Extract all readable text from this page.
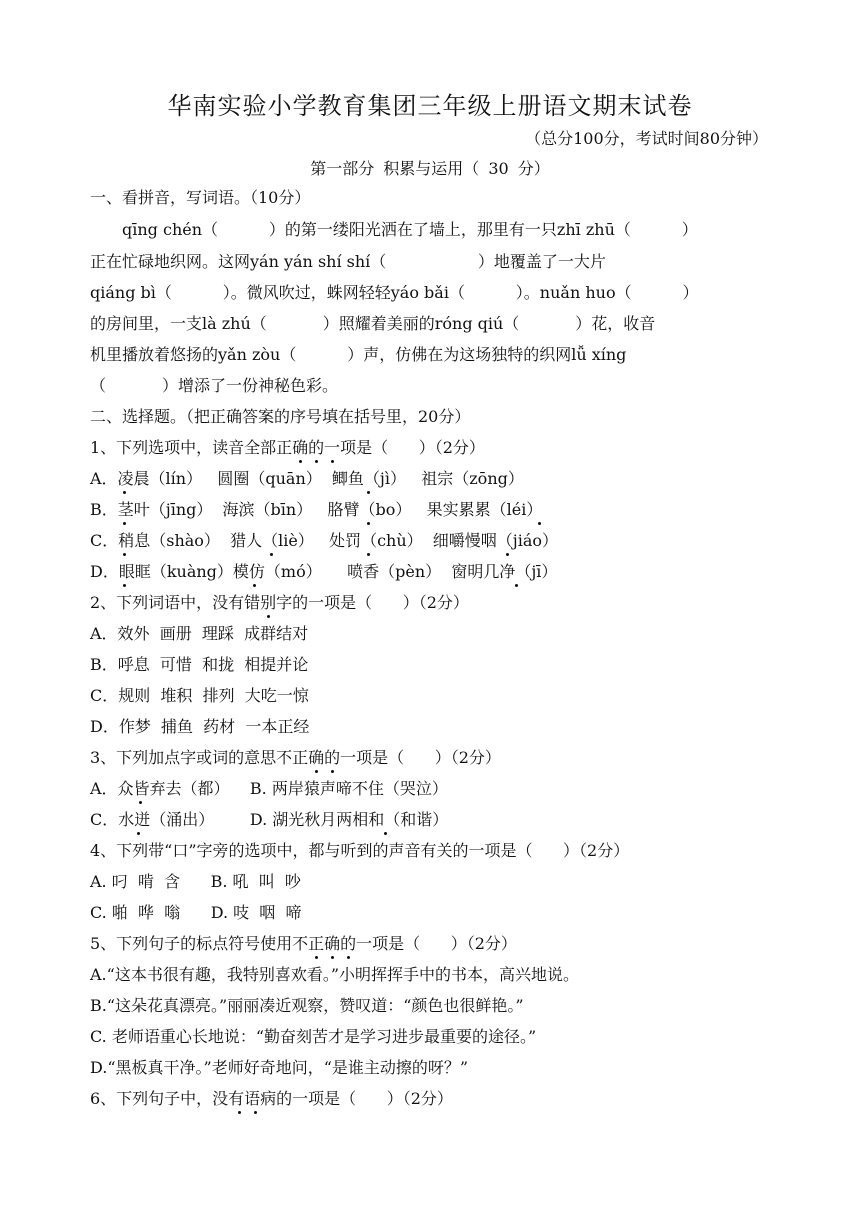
华南实验小学教育集团三年级上册语文期末试卷
（总分100分，考试时间80分钟）
第一部分 积累与运用（ 30 分）
一、看拼音，写词语。（10分）
qīng chén（          ）的第一缕阳光洒在了墙上，那里有一只zhī zhū（          ）
正在忙碌地织网。这网yán yán shí shí（                  ）地覆盖了一大片
qiáng bì（          ）。微风吹过，蛛网轻轻yáo bǎi（          ）。nuǎn huo（          ）
的房间里，一支là zhú（           ）照耀着美丽的róng qiú（           ）花，收音
机里播放着悠扬的yǎn zòu（          ）声，仿佛在为这场独特的织网lǚ xíng
（           ）增添了一份神秘色彩。
二、选择题。（把正确答案的序号填在括号里，20分）
1、下列选项中，读音全部正确的一项是（      ）（2分）
A．凌晨（lín）   圆圈（quān）  鲫鱼（jì）   祖宗（zōng）
B．茎叶（jīng）  海滨（bīn）   胳臂（bo）   果实累累（léi）
C．稍息（shào）  猎人（liè）   处罚（chù）  细嚼慢咽（jiáo）
D．眼眶（kuàng）模仿（mó）     喷香（pèn）  窗明几净（jī）
2、下列词语中，没有错别字的一项是（      ）（2分）
A．效外  画册  理踩  成群结对
B．呼息  可惜  和拢  相提并论
C．规则  堆积  排列  大吃一惊
D．作梦  捕鱼  药材  一本正经
3、下列加点字或词的意思不正确的一项是（      ）（2分）
A．众皆弃去（都）    B. 两岸猿声啼不住（哭泣）
C．水迸（涌出）       D. 湖光秋月两相和（和谐）
4、下列带“口”字旁的选项中，都与听到的声音有关的一项是（      ）（2分）
A. 叼  啃  含      B. 吼  叫  吵
C. 啪  哗  嗡      D. 吱  咽  啼
5、下列句子的标点符号使用不正确的一项是（      ）（2分）
A.“这本书很有趣，我特别喜欢看。”小明挥挥手中的书本，高兴地说。
B.“这朵花真漂亮。”丽丽凑近观察，赞叹道：“颜色也很鲜艳。”
C. 老师语重心长地说：“勤奋刻苦才是学习进步最重要的途径。”
D.“黑板真干净。”老师好奇地问，“是谁主动擦的呀？”
6、下列句子中，没有语病的一项是（      ）（2分）
